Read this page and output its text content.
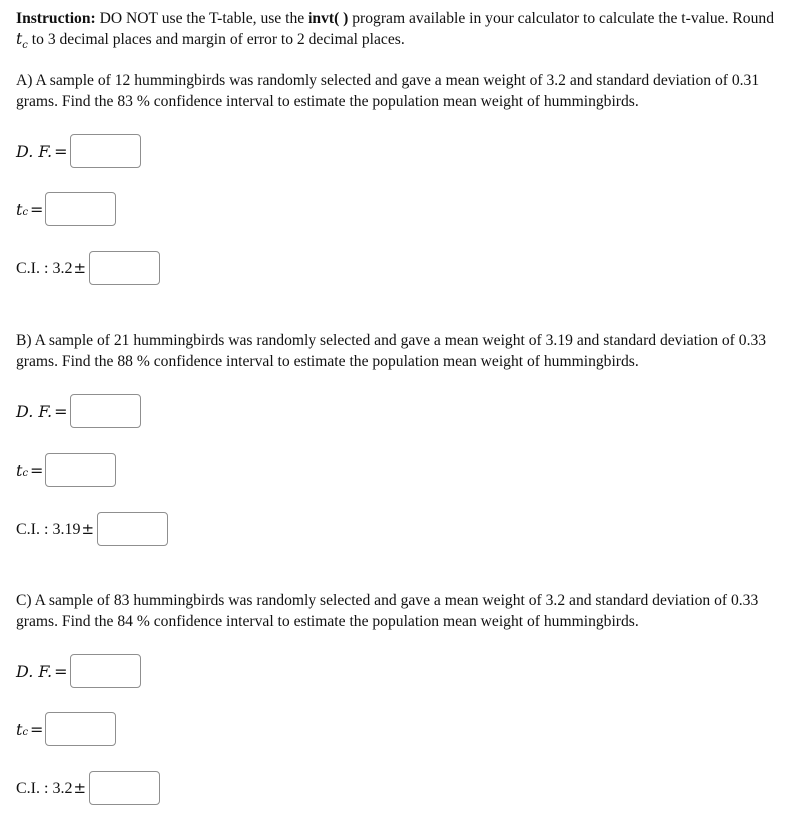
Instruction: DO NOT use the T-table, use the invt( ) program available in your calculator to calculate the t-value. Round $t_c$ to 3 decimal places and margin of error to 2 decimal places.
A) A sample of 12 hummingbirds was randomly selected and gave a mean weight of 3.2 and standard deviation of 0.31 grams. Find the 83 % confidence interval to estimate the population mean weight of hummingbirds.
D. F. =
t c =
C.I. : 3.2 ±
B) A sample of 21 hummingbirds was randomly selected and gave a mean weight of 3.19 and standard deviation of 0.33 grams. Find the 88 % confidence interval to estimate the population mean weight of hummingbirds.
D. F. =
t c =
C.I. : 3.19 ±
C) A sample of 83 hummingbirds was randomly selected and gave a mean weight of 3.2 and standard deviation of 0.33 grams. Find the 84 % confidence interval to estimate the population mean weight of hummingbirds.
D. F. =
t c =
C.I. : 3.2 ±
